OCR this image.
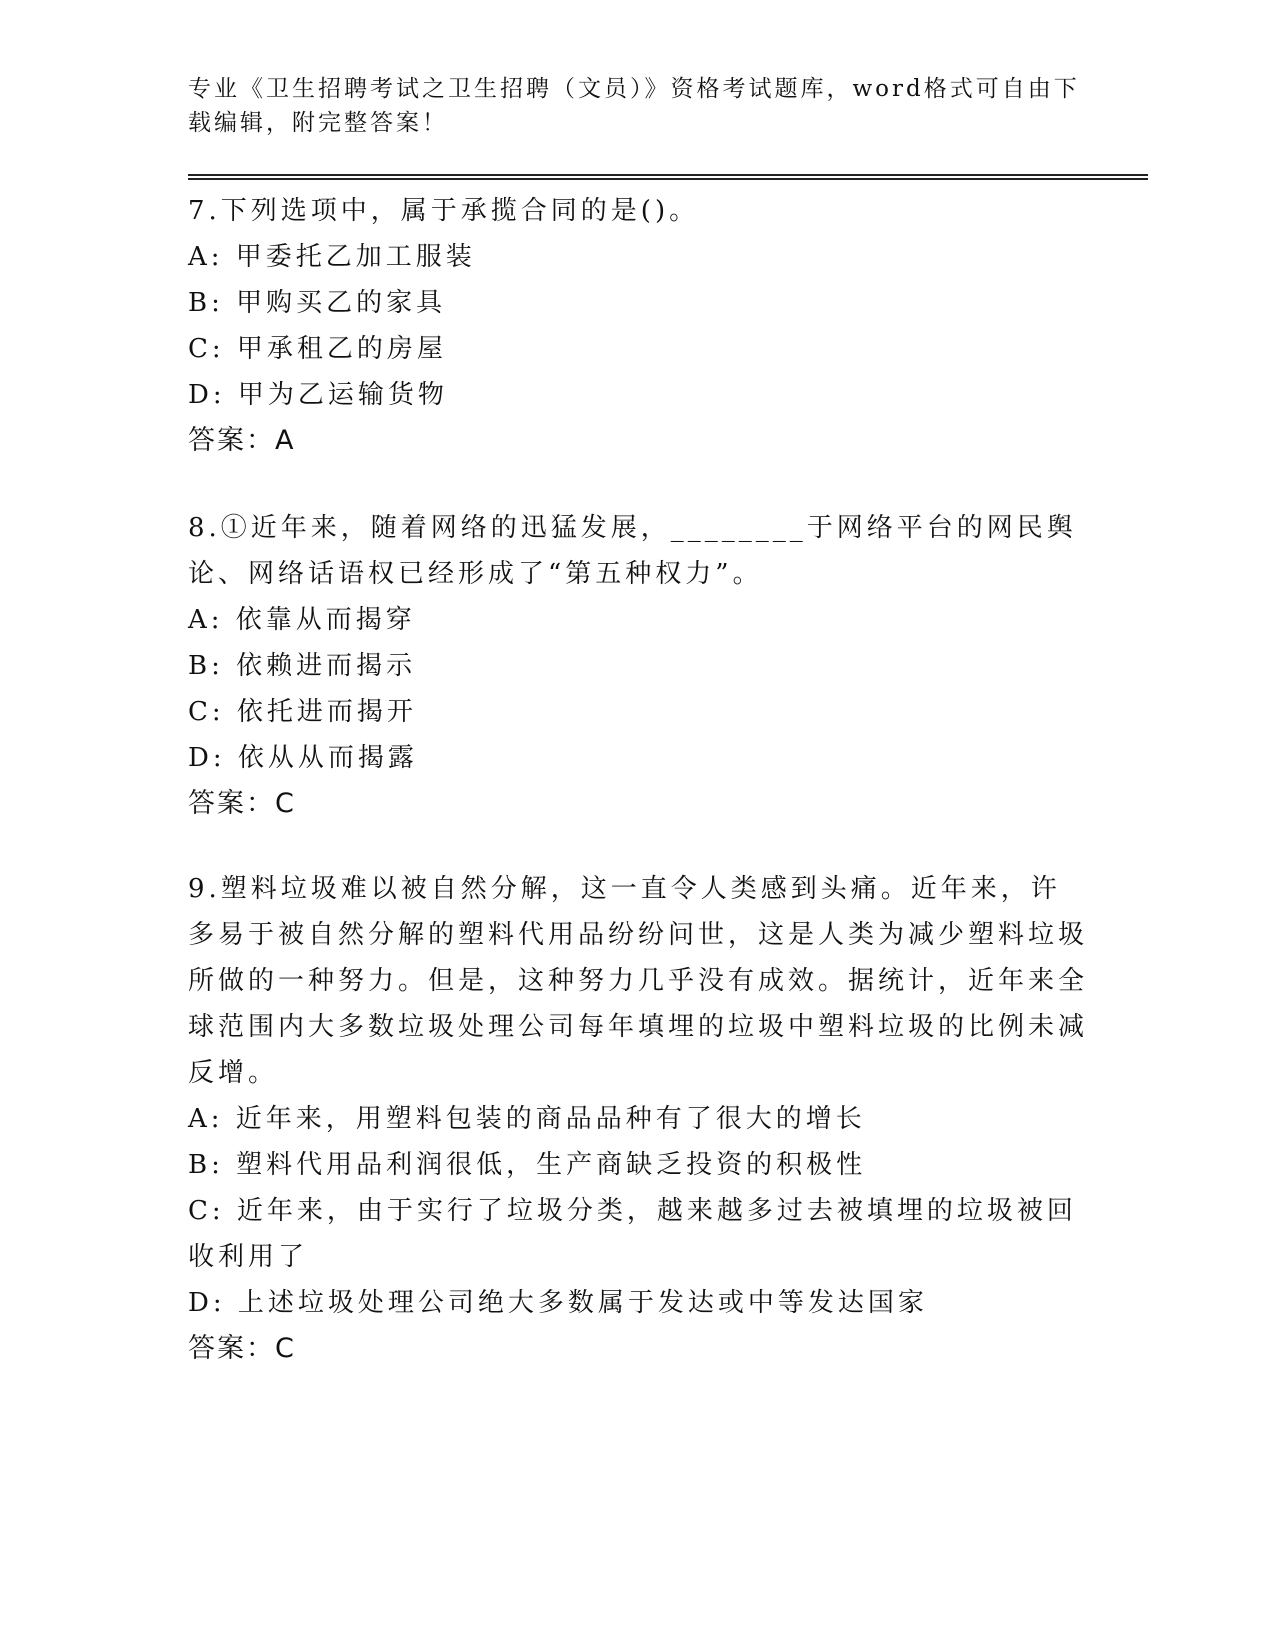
专业《卫生招聘考试之卫生招聘（文员）》资格考试题库，word格式可自由下载编辑，附完整答案！
7.下列选项中，属于承揽合同的是()。
A: 甲委托乙加工服装
B: 甲购买乙的家具
C: 甲承租乙的房屋
D: 甲为乙运输货物
答案：A
8.①近年来，随着网络的迅猛发展，________于网络平台的网民舆论、网络话语权已经形成了“第五种权力”。
A: 依靠从而揭穿
B: 依赖进而揭示
C: 依托进而揭开
D: 依从从而揭露
答案：C
9.塑料垃圾难以被自然分解，这一直令人类感到头痛。近年来，许多易于被自然分解的塑料代用品纷纷问世，这是人类为减少塑料垃圾所做的一种努力。但是，这种努力几乎没有成效。据统计，近年来全球范围内大多数垃圾处理公司每年填埋的垃圾中塑料垃圾的比例未减反增。
A: 近年来，用塑料包装的商品品种有了很大的增长
B: 塑料代用品利润很低，生产商缺乏投资的积极性
C: 近年来，由于实行了垃圾分类，越来越多过去被填埋的垃圾被回收利用了
D: 上述垃圾处理公司绝大多数属于发达或中等发达国家
答案：C
